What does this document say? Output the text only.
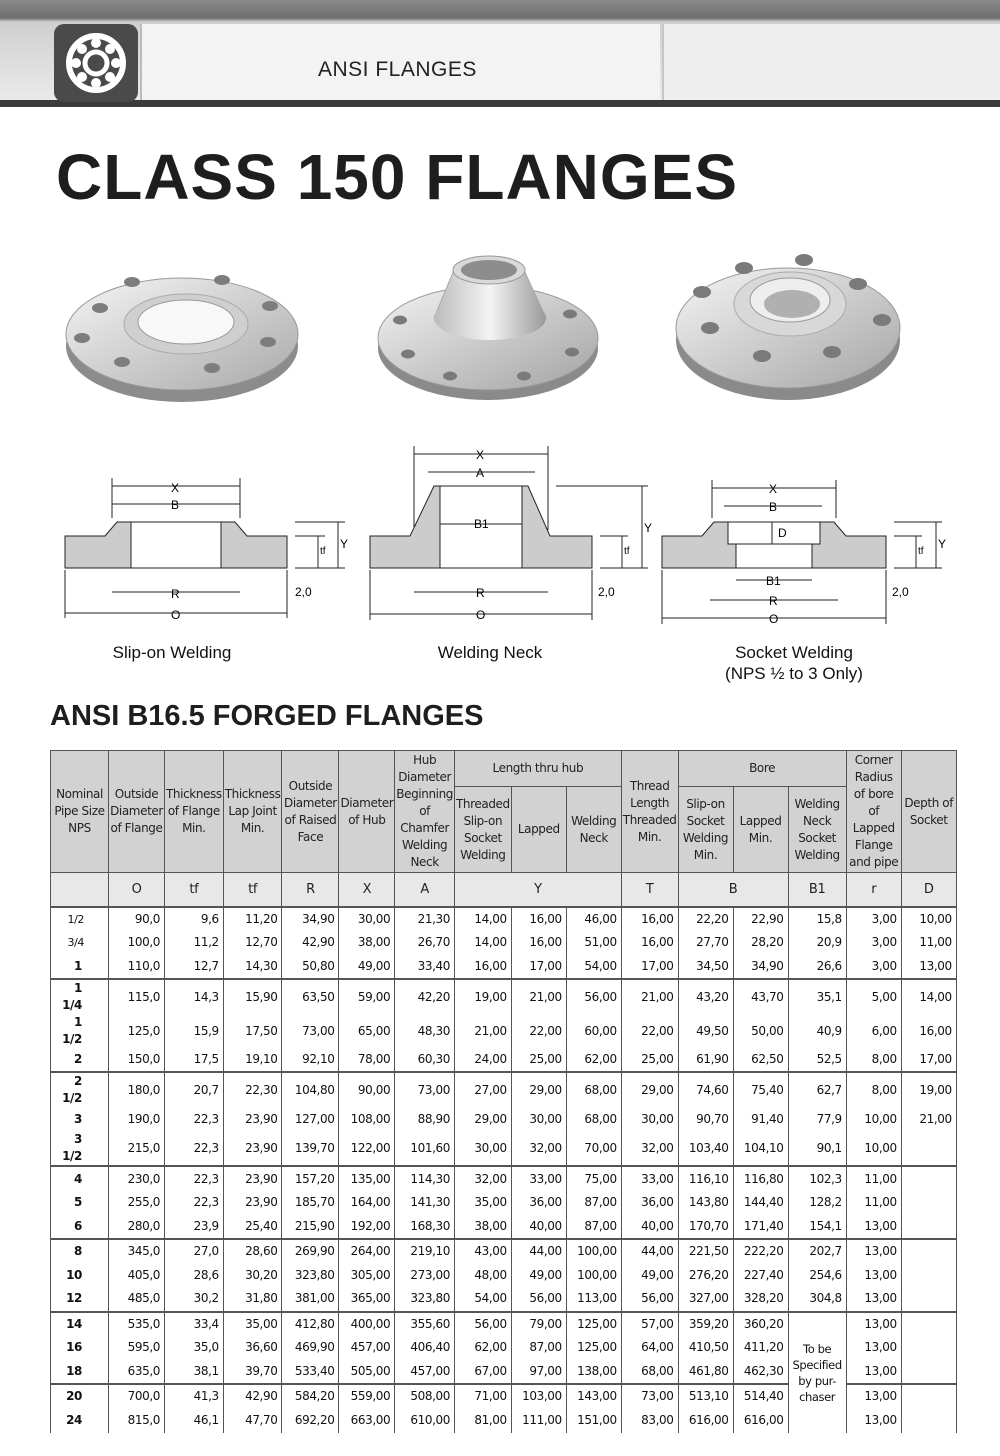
ANSI FLANGES
CLASS 150 FLANGES
X
B
R
O
tf
Y
2,0
X
A
B1
R
O
tf
Y
2,0
X
B
D
B1
R
O
tf
Y
2,0
Slip-on Welding	Welding Neck	Socket Welding
(NPS ½ to 3 Only)
ANSI B16.5 FORGED FLANGES
Nominal Pipe Size NPS	Outside Diameter of Flange	Thickness of Flange Min.	Thickness Lap Joint Min.	Outside Diameter of Raised Face	Diameter of Hub	Hub Diameter Beginning of Chamfer Welding Neck	Length thru hub			Thread Length Threaded Min.	Bore			Corner Radius of bore of Lapped Flange and pipe	Depth of Socket
							Threaded Slip-on Socket Welding	Lapped	Welding Neck		Slip-on Socket Welding Min.	Lapped Min.	Welding Neck Socket Welding		
	O	tf	tf	R	X	A	Y			T	B		B1	r	D
1/2	90,0	9,6	11,20	34,90	30,00	21,30	14,00	16,00	46,00	16,00	22,20	22,90	15,8	3,00	10,00
3/4	100,0	11,2	12,70	42,90	38,00	26,70	14,00	16,00	51,00	16,00	27,70	28,20	20,9	3,00	11,00
1	110,0	12,7	14,30	50,80	49,00	33,40	16,00	17,00	54,00	17,00	34,50	34,90	26,6	3,00	13,00
1 1/4	115,0	14,3	15,90	63,50	59,00	42,20	19,00	21,00	56,00	21,00	43,20	43,70	35,1	5,00	14,00
1 1/2	125,0	15,9	17,50	73,00	65,00	48,30	21,00	22,00	60,00	22,00	49,50	50,00	40,9	6,00	16,00
2	150,0	17,5	19,10	92,10	78,00	60,30	24,00	25,00	62,00	25,00	61,90	62,50	52,5	8,00	17,00
2 1/2	180,0	20,7	22,30	104,80	90,00	73,00	27,00	29,00	68,00	29,00	74,60	75,40	62,7	8,00	19,00
3	190,0	22,3	23,90	127,00	108,00	88,90	29,00	30,00	68,00	30,00	90,70	91,40	77,9	10,00	21,00
3 1/2	215,0	22,3	23,90	139,70	122,00	101,60	30,00	32,00	70,00	32,00	103,40	104,10	90,1	10,00	
4	230,0	22,3	23,90	157,20	135,00	114,30	32,00	33,00	75,00	33,00	116,10	116,80	102,3	11,00	
5	255,0	22,3	23,90	185,70	164,00	141,30	35,00	36,00	87,00	36,00	143,80	144,40	128,2	11,00	
6	280,0	23,9	25,40	215,90	192,00	168,30	38,00	40,00	87,00	40,00	170,70	171,40	154,1	13,00	
8	345,0	27,0	28,60	269,90	264,00	219,10	43,00	44,00	100,00	44,00	221,50	222,20	202,7	13,00	
10	405,0	28,6	30,20	323,80	305,00	273,00	48,00	49,00	100,00	49,00	276,20	227,40	254,6	13,00	
12	485,0	30,2	31,80	381,00	365,00	323,80	54,00	56,00	113,00	56,00	327,00	328,20	304,8	13,00	
14	535,0	33,4	35,00	412,80	400,00	355,60	56,00	79,00	125,00	57,00	359,20	360,20	To be Specified by pur- chaser	13,00	
16	595,0	35,0	36,60	469,90	457,00	406,40	62,00	87,00	125,00	64,00	410,50	411,20		13,00	
18	635,0	38,1	39,70	533,40	505,00	457,00	67,00	97,00	138,00	68,00	461,80	462,30		13,00	
20	700,0	41,3	42,90	584,20	559,00	508,00	71,00	103,00	143,00	73,00	513,10	514,40		13,00	
24	815,0	46,1	47,70	692,20	663,00	610,00	81,00	111,00	151,00	83,00	616,00	616,00		13,00	
